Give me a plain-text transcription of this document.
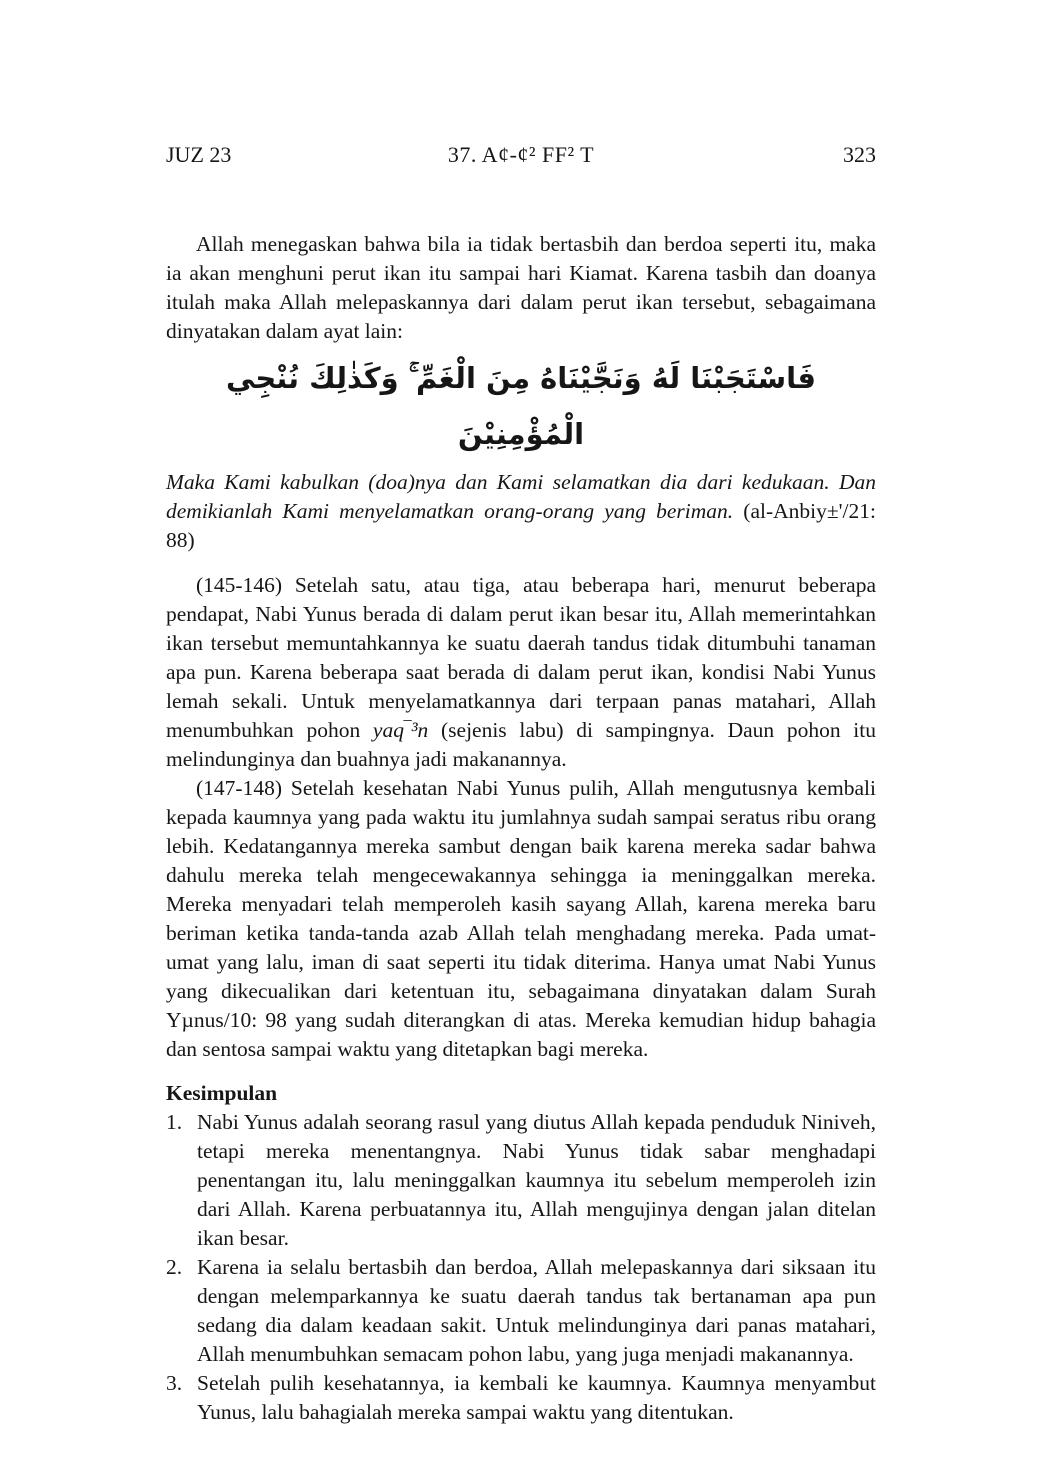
JUZ 23	37. A¢-¢² FF² T	323

Allah menegaskan bahwa bila ia tidak bertasbih dan berdoa seperti itu, maka ia akan menghuni perut ikan itu sampai hari Kiamat. Karena tasbih dan doanya itulah maka Allah melepaskannya dari dalam perut ikan tersebut, sebagaimana dinyatakan dalam ayat lain:

فَاسْتَجَبْنَا لَهُ وَنَجَّيْنَاهُ مِنَ الْغَمِّ ۚ وَكَذٰلِكَ نُنْجِي الْمُؤْمِنِيْنَ

Maka Kami kabulkan (doa)nya dan Kami selamatkan dia dari kedukaan. Dan demikianlah Kami menyelamatkan orang-orang yang beriman. (al-Anbiy±'/21: 88)

(145-146) Setelah satu, atau tiga, atau beberapa hari, menurut beberapa pendapat, Nabi Yunus berada di dalam perut ikan besar itu, Allah memerintahkan ikan tersebut memuntahkannya ke suatu daerah tandus tidak ditumbuhi tanaman apa pun. Karena beberapa saat berada di dalam perut ikan, kondisi Nabi Yunus lemah sekali. Untuk menyelamatkannya dari terpaan panas matahari, Allah menumbuhkan pohon yaq‾³n (sejenis labu) di sampingnya. Daun pohon itu melindunginya dan buahnya jadi makanannya.

(147-148) Setelah kesehatan Nabi Yunus pulih, Allah mengutusnya kembali kepada kaumnya yang pada waktu itu jumlahnya sudah sampai seratus ribu orang lebih. Kedatangannya mereka sambut dengan baik karena mereka sadar bahwa dahulu mereka telah mengecewakannya sehingga ia meninggalkan mereka. Mereka menyadari telah memperoleh kasih sayang Allah, karena mereka baru beriman ketika tanda-tanda azab Allah telah menghadang mereka. Pada umat-umat yang lalu, iman di saat seperti itu tidak diterima. Hanya umat Nabi Yunus yang dikecualikan dari ketentuan itu, sebagaimana dinyatakan dalam Surah Yµnus/10: 98 yang sudah diterangkan di atas. Mereka kemudian hidup bahagia dan sentosa sampai waktu yang ditetapkan bagi mereka.

Kesimpulan
1. Nabi Yunus adalah seorang rasul yang diutus Allah kepada penduduk Niniveh, tetapi mereka menentangnya. Nabi Yunus tidak sabar menghadapi penentangan itu, lalu meninggalkan kaumnya itu sebelum memperoleh izin dari Allah. Karena perbuatannya itu, Allah mengujinya dengan jalan ditelan ikan besar.
2. Karena ia selalu bertasbih dan berdoa, Allah melepaskannya dari siksaan itu dengan melemparkannya ke suatu daerah tandus tak bertanaman apa pun sedang dia dalam keadaan sakit. Untuk melindunginya dari panas matahari, Allah menumbuhkan semacam pohon labu, yang juga menjadi makanannya.
3. Setelah pulih kesehatannya, ia kembali ke kaumnya. Kaumnya menyambut Yunus, lalu bahagialah mereka sampai waktu yang ditentukan.
